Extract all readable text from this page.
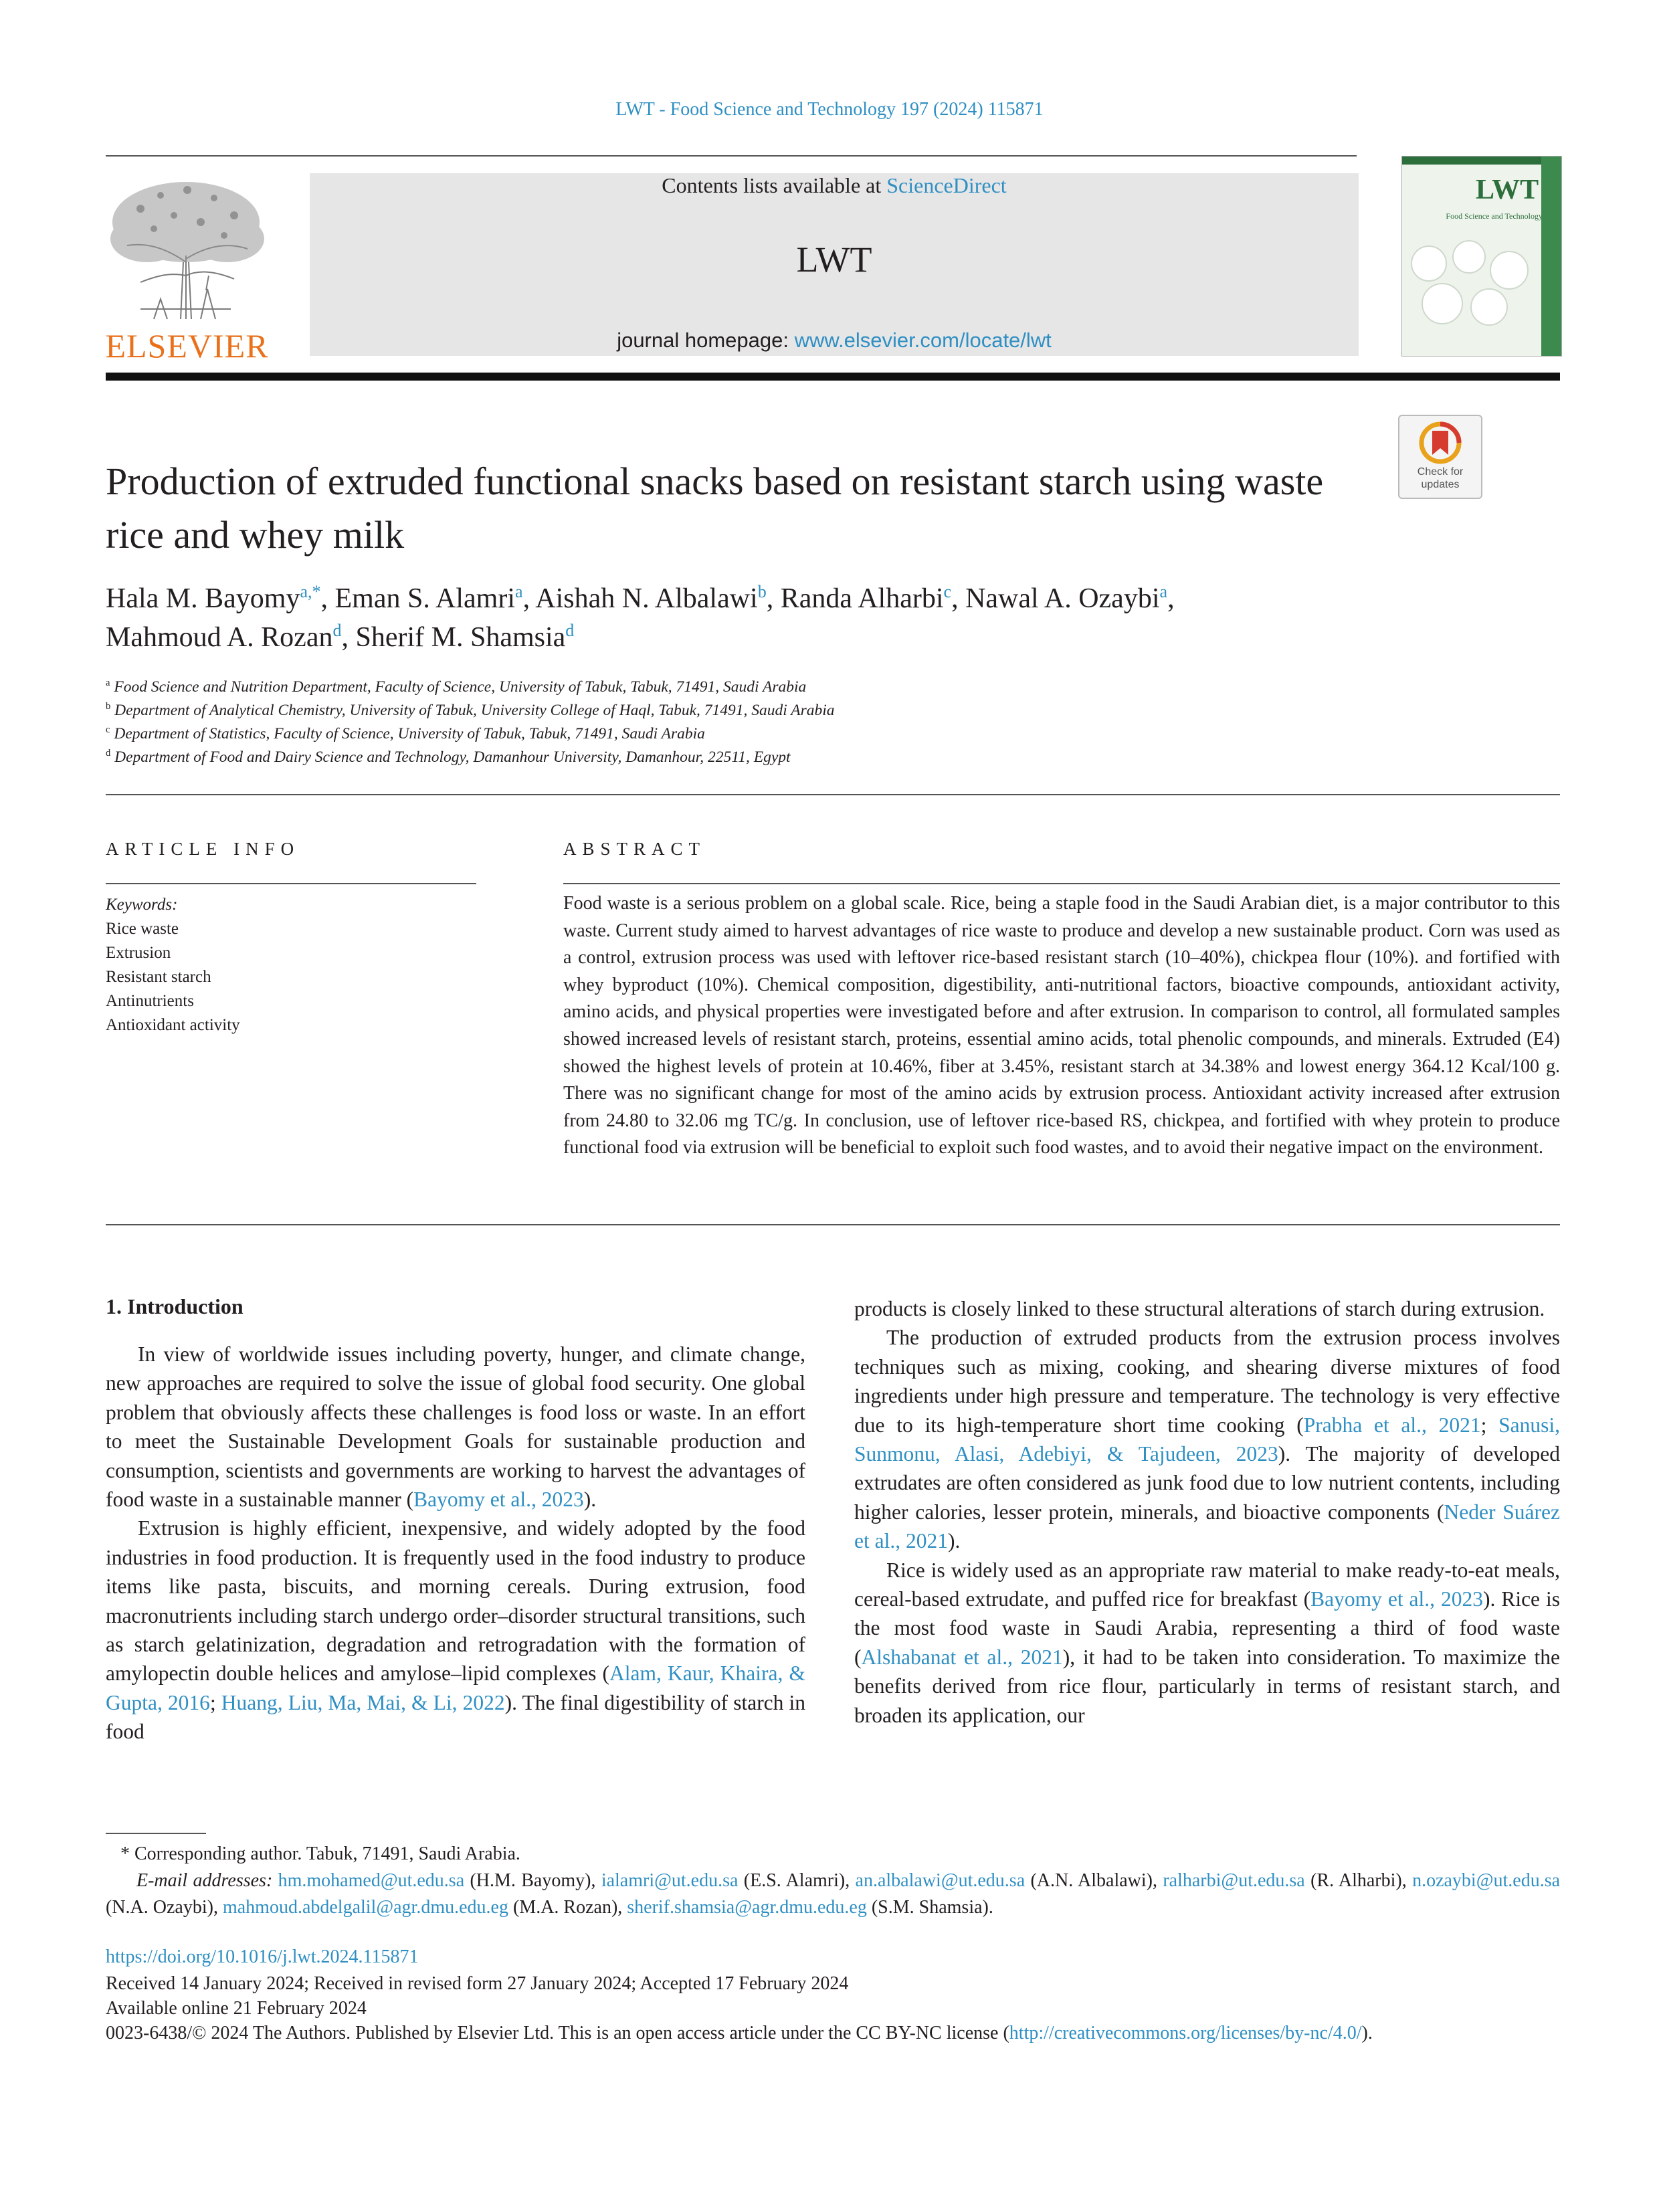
LWT - Food Science and Technology 197 (2024) 115871
ELSEVIER
Contents lists available at ScienceDirect
LWT
journal homepage: www.elsevier.com/locate/lwt
LWT
Food Science and Technology
Check for updates
Production of extruded functional snacks based on resistant starch using waste rice and whey milk
Hala M. Bayomy$^{a,*}$, Eman S. Alamri$^a$, Aishah N. Albalawi$^b$, Randa Alharbi$^c$, Nawal A. Ozaybi$^a$,
Mahmoud A. Rozan$^d$, Sherif M. Shamsia$^d$
$^a$ Food Science and Nutrition Department, Faculty of Science, University of Tabuk, Tabuk, 71491, Saudi Arabia
$^b$ Department of Analytical Chemistry, University of Tabuk, University College of Haql, Tabuk, 71491, Saudi Arabia
$^c$ Department of Statistics, Faculty of Science, University of Tabuk, Tabuk, 71491, Saudi Arabia
$^d$ Department of Food and Dairy Science and Technology, Damanhour University, Damanhour, 22511, Egypt
ARTICLE INFO	ABSTRACT
Keywords:
Rice waste
Extrusion
Resistant starch
Antinutrients
Antioxidant activity
Food waste is a serious problem on a global scale. Rice, being a staple food in the Saudi Arabian diet, is a major contributor to this waste. Current study aimed to harvest advantages of rice waste to produce and develop a new sustainable product. Corn was used as a control, extrusion process was used with leftover rice-based resistant starch (10–40%), chickpea flour (10%). and fortified with whey byproduct (10%). Chemical composition, digestibility, anti-nutritional factors, bioactive compounds, antioxidant activity, amino acids, and physical properties were investigated before and after extrusion. In comparison to control, all formulated samples showed increased levels of resistant starch, proteins, essential amino acids, total phenolic compounds, and minerals. Extruded (E4) showed the highest levels of protein at 10.46%, fiber at 3.45%, resistant starch at 34.38% and lowest energy 364.12 Kcal/100 g. There was no significant change for most of the amino acids by extrusion process. Antioxidant activity increased after extrusion from 24.80 to 32.06 mg TC/g. In conclusion, use of leftover rice-based RS, chickpea, and fortified with whey protein to produce functional food via extrusion will be beneficial to exploit such food wastes, and to avoid their negative impact on the environment.
1. Introduction

In view of worldwide issues including poverty, hunger, and climate change, new approaches are required to solve the issue of global food security. One global problem that obviously affects these challenges is food loss or waste. In an effort to meet the Sustainable Development Goals for sustainable production and consumption, scientists and governments are working to harvest the advantages of food waste in a sustainable manner (Bayomy et al., 2023).

Extrusion is highly efficient, inexpensive, and widely adopted by the food industries in food production. It is frequently used in the food industry to produce items like pasta, biscuits, and morning cereals. During extrusion, food macronutrients including starch undergo order–disorder structural transitions, such as starch gelatinization, degradation and retrogradation with the formation of amylopectin double helices and amylose–lipid complexes (Alam, Kaur, Khaira, & Gupta, 2016; Huang, Liu, Ma, Mai, & Li, 2022). The final digestibility of starch in food

products is closely linked to these structural alterations of starch during extrusion.

The production of extruded products from the extrusion process involves techniques such as mixing, cooking, and shearing diverse mixtures of food ingredients under high pressure and temperature. The technology is very effective due to its high-temperature short time cooking (Prabha et al., 2021; Sanusi, Sunmonu, Alasi, Adebiyi, & Tajudeen, 2023). The majority of developed extrudates are often considered as junk food due to low nutrient contents, including higher calories, lesser protein, minerals, and bioactive components (Neder Suárez et al., 2021).

Rice is widely used as an appropriate raw material to make ready-to-eat meals, cereal-based extrudate, and puffed rice for breakfast (Bayomy et al., 2023). Rice is the most food waste in Saudi Arabia, representing a third of food waste (Alshabanat et al., 2021), it had to be taken into consideration. To maximize the benefits derived from rice flour, particularly in terms of resistant starch, and broaden its application, our

* Corresponding author. Tabuk, 71491, Saudi Arabia.
E-mail addresses: hm.mohamed@ut.edu.sa (H.M. Bayomy), ialamri@ut.edu.sa (E.S. Alamri), an.albalawi@ut.edu.sa (A.N. Albalawi), ralharbi@ut.edu.sa (R. Alharbi), n.ozaybi@ut.edu.sa (N.A. Ozaybi), mahmoud.abdelgalil@agr.dmu.edu.eg (M.A. Rozan), sherif.shamsia@agr.dmu.edu.eg (S.M. Shamsia).
https://doi.org/10.1016/j.lwt.2024.115871
Received 14 January 2024; Received in revised form 27 January 2024; Accepted 17 February 2024
Available online 21 February 2024
0023-6438/© 2024 The Authors. Published by Elsevier Ltd. This is an open access article under the CC BY-NC license (http://creativecommons.org/licenses/by-nc/4.0/).
